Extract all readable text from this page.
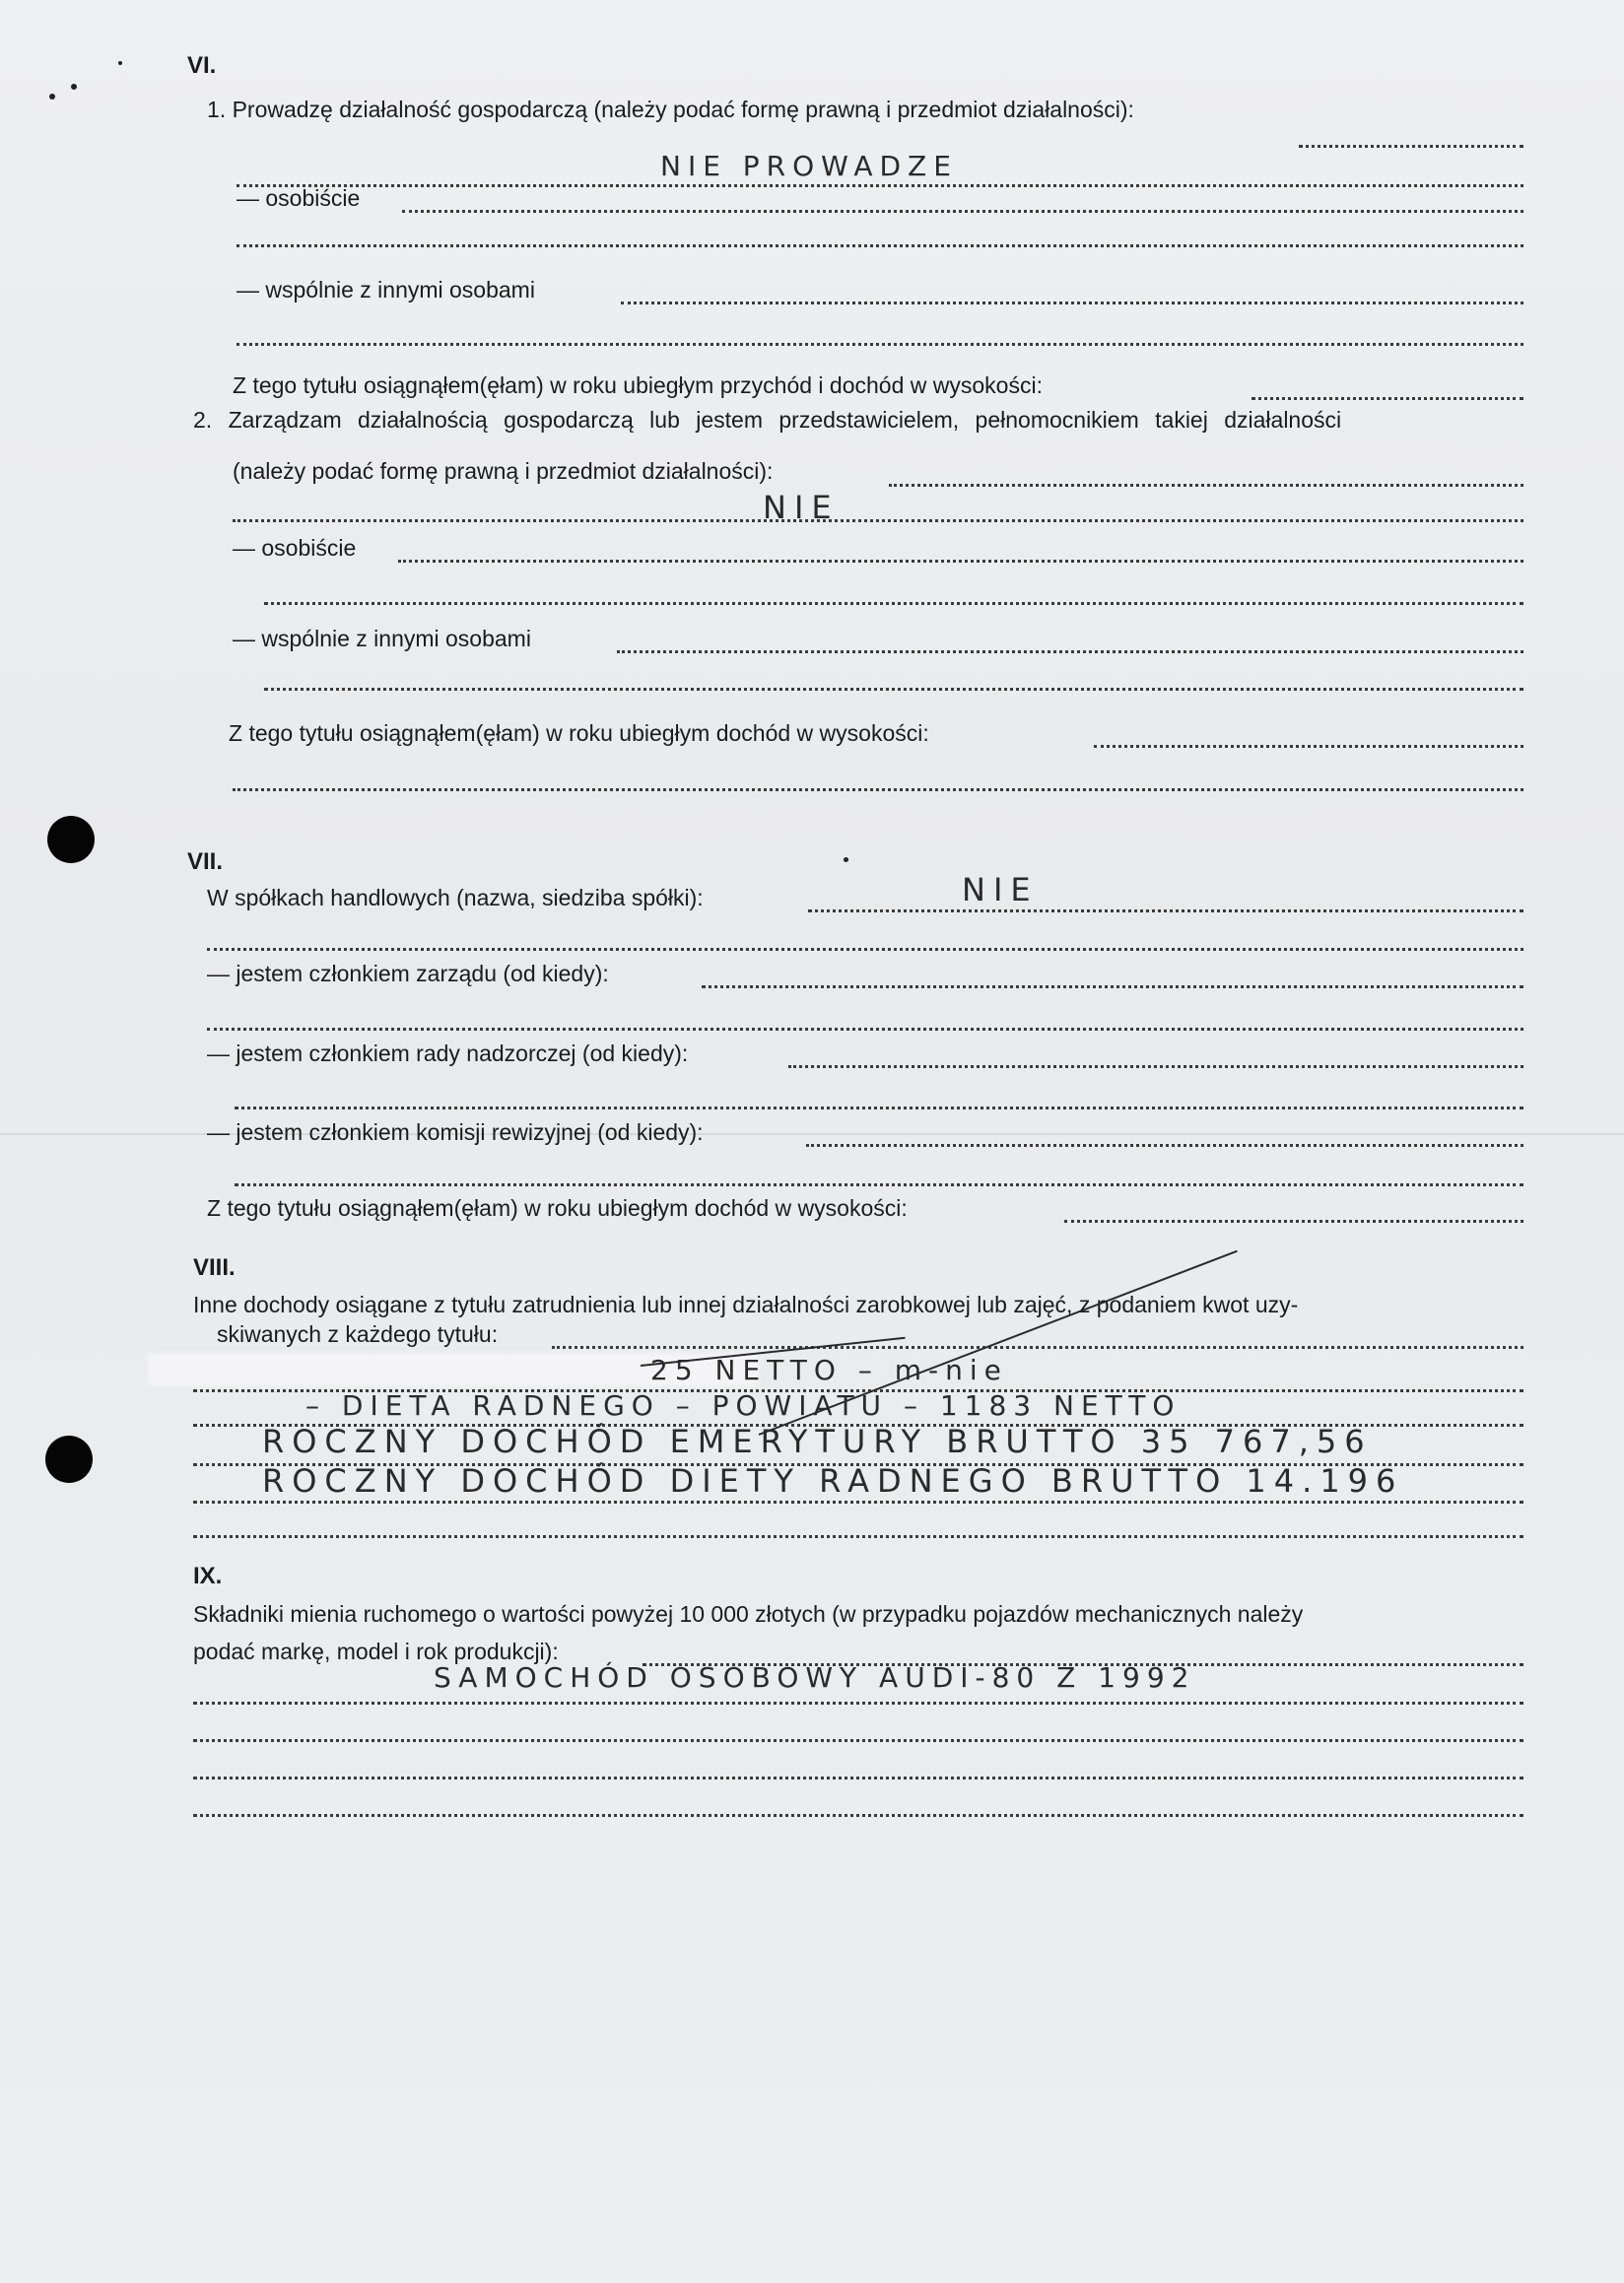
VI.
1. Prowadzę działalność gospodarczą (należy podać formę prawną i przedmiot działalności):
NIE PROWADZE
— osobiście
— wspólnie z innymi osobami
Z tego tytułu osiągnąłem(ęłam) w roku ubiegłym przychód i dochód w wysokości:
2. Zarządzam działalnością gospodarczą lub jestem przedstawicielem, pełnomocnikiem takiej działalności
(należy podać formę prawną i przedmiot działalności):
NIE
— osobiście
— wspólnie z innymi osobami
Z tego tytułu osiągnąłem(ęłam) w roku ubiegłym dochód w wysokości:
VII.
W spółkach handlowych (nazwa, siedziba spółki):	NIE
— jestem członkiem zarządu (od kiedy):
— jestem członkiem rady nadzorczej (od kiedy):
— jestem członkiem komisji rewizyjnej (od kiedy):
Z tego tytułu osiągnąłem(ęłam) w roku ubiegłym dochód w wysokości:
VIII.
Inne dochody osiągane z tytułu zatrudnienia lub innej działalności zarobkowej lub zajęć, z podaniem kwot uzy-
skiwanych z każdego tytułu:
25 NETTO – m-nie
– DIETA RADNEGO – POWIATU – 1183 NETTO
ROCZNY DOCHÓD EMERYTURY BRUTTO 35 767,56
ROCZNY DOCHÓD DIETY RADNEGO BRUTTO 14.196
IX.
Składniki mienia ruchomego o wartości powyżej 10 000 złotych (w przypadku pojazdów mechanicznych należy
podać markę, model i rok produkcji):
SAMOCHÓD OSOBOWY AUDI-80 Z 1992
